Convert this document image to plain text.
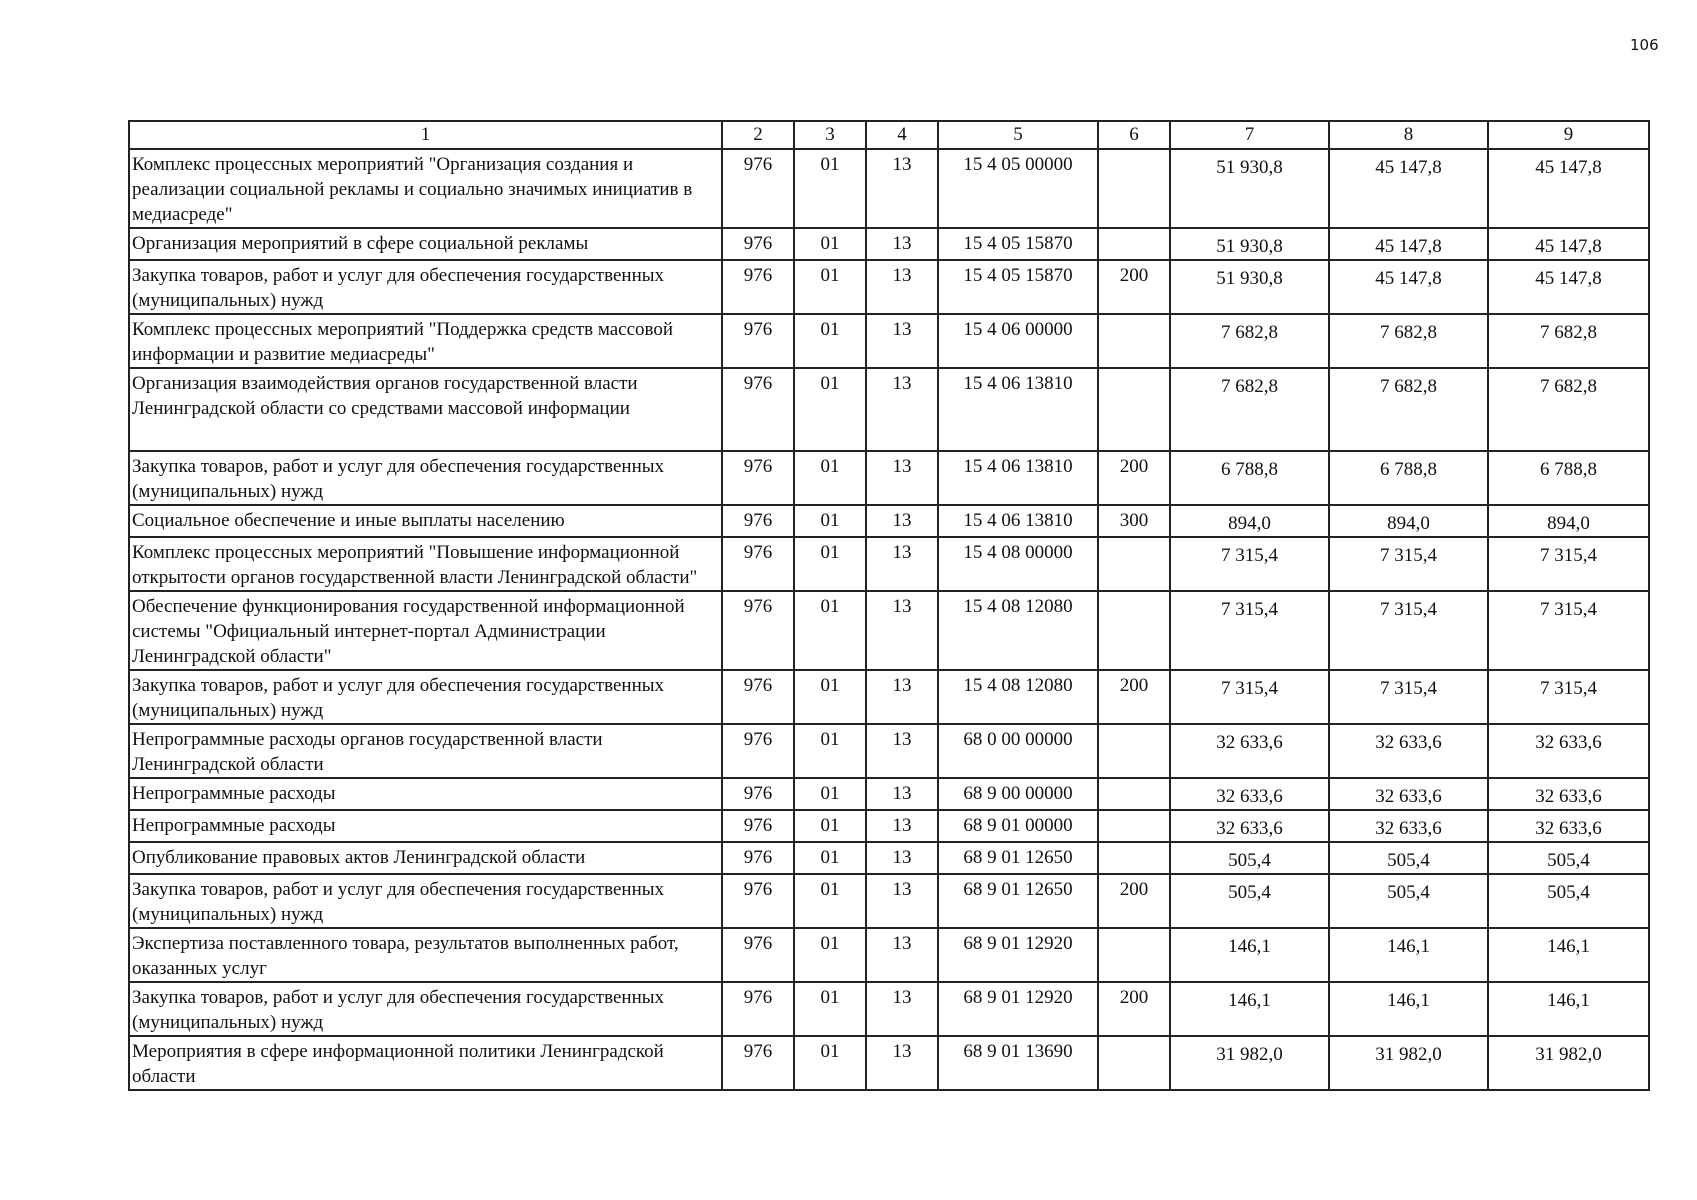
106
1	2	3	4	5	6	7	8	9
Комплекс процессных мероприятий "Организация создания и реализации социальной рекламы и социально значимых инициатив в медиасреде"	976	01	13	15 4 05 00000		51 930,8	45 147,8	45 147,8
Организация мероприятий в сфере социальной рекламы	976	01	13	15 4 05 15870		51 930,8	45 147,8	45 147,8
Закупка товаров, работ и услуг для обеспечения государственных (муниципальных) нужд	976	01	13	15 4 05 15870	200	51 930,8	45 147,8	45 147,8
Комплекс процессных мероприятий "Поддержка средств массовой информации и развитие медиасреды"	976	01	13	15 4 06 00000		7 682,8	7 682,8	7 682,8
Организация взаимодействия органов государственной власти Ленинградской области со средствами массовой информации	976	01	13	15 4 06 13810		7 682,8	7 682,8	7 682,8
Закупка товаров, работ и услуг для обеспечения государственных (муниципальных) нужд	976	01	13	15 4 06 13810	200	6 788,8	6 788,8	6 788,8
Социальное обеспечение и иные выплаты населению	976	01	13	15 4 06 13810	300	894,0	894,0	894,0
Комплекс процессных мероприятий "Повышение информационной открытости органов государственной власти Ленинградской области"	976	01	13	15 4 08 00000		7 315,4	7 315,4	7 315,4
Обеспечение функционирования государственной информационной системы "Официальный интернет-портал Администрации Ленинградской области"	976	01	13	15 4 08 12080		7 315,4	7 315,4	7 315,4
Закупка товаров, работ и услуг для обеспечения государственных (муниципальных) нужд	976	01	13	15 4 08 12080	200	7 315,4	7 315,4	7 315,4
Непрограммные расходы органов государственной власти Ленинградской области	976	01	13	68 0 00 00000		32 633,6	32 633,6	32 633,6
Непрограммные расходы	976	01	13	68 9 00 00000		32 633,6	32 633,6	32 633,6
Непрограммные расходы	976	01	13	68 9 01 00000		32 633,6	32 633,6	32 633,6
Опубликование правовых актов Ленинградской области	976	01	13	68 9 01 12650		505,4	505,4	505,4
Закупка товаров, работ и услуг для обеспечения государственных (муниципальных) нужд	976	01	13	68 9 01 12650	200	505,4	505,4	505,4
Экспертиза поставленного товара, результатов выполненных работ, оказанных услуг	976	01	13	68 9 01 12920		146,1	146,1	146,1
Закупка товаров, работ и услуг для обеспечения государственных (муниципальных) нужд	976	01	13	68 9 01 12920	200	146,1	146,1	146,1
Мероприятия в сфере информационной политики Ленинградской области	976	01	13	68 9 01 13690		31 982,0	31 982,0	31 982,0
